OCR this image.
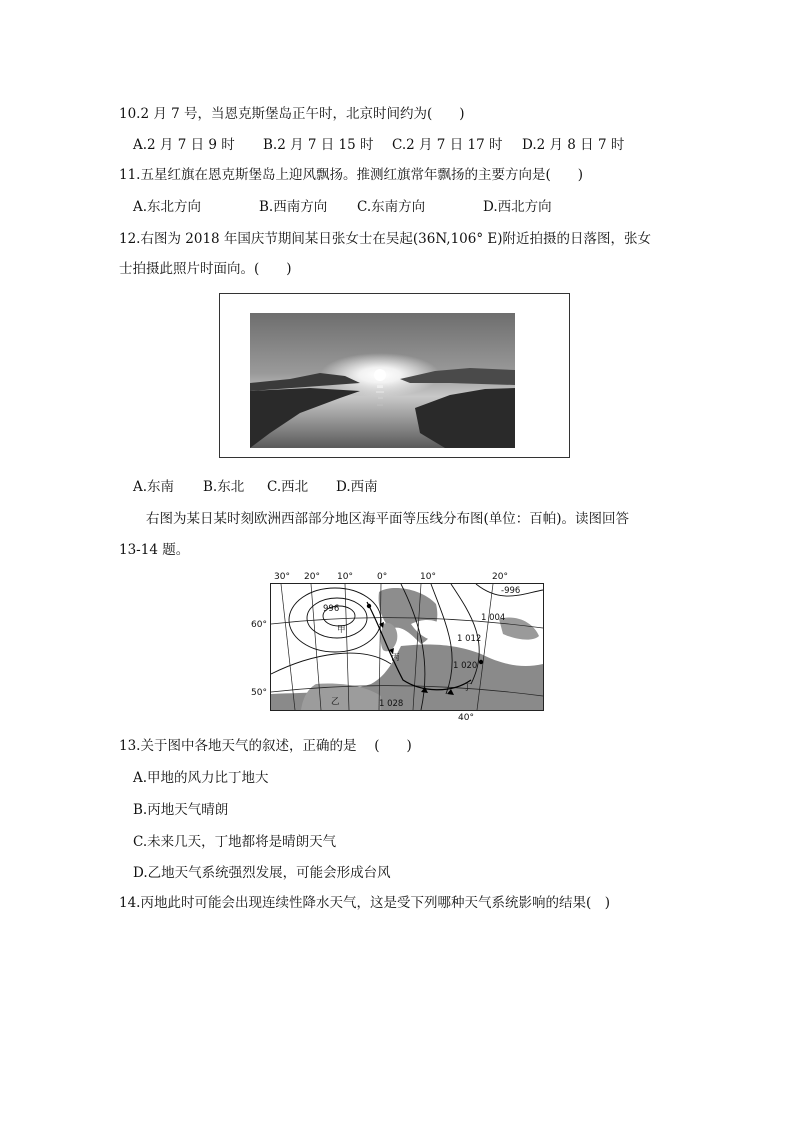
10.2 月 7 号，当恩克斯堡岛正午时，北京时间约为(　　)
A.2 月 7 日 9 时 B.2 月 7 日 15 时 C.2 月 7 日 17 时 D.2 月 8 日 7 时
11.五星红旗在恩克斯堡岛上迎风飘扬。推测红旗常年飘扬的主要方向是(　　)
A.东北方向	B.西南方向 C.东南方向	D.西北方向
12.右图为 2018 年国庆节期间某日张女士在吴起(36N,106° E)附近拍摄的日落图，张女
士拍摄此照片时面向。(　　)
A.东南 B.东北 C.西北 D.西南
右图为某日某时刻欧洲西部部分地区海平面等压线分布图(单位：百帕)。读图回答
13-14 题。
30° 20° 10°	0°	10°	20°
60°
50°
40°
996
-996
1 004
1 012
1 020
1 028
甲
乙
丙
丁
13.关于图中各地天气的叙述，正确的是　 (　　)
A.甲地的风力比丁地大
B.丙地天气晴朗
C.未来几天，丁地都将是晴朗天气
D.乙地天气系统强烈发展，可能会形成台风
14.丙地此时可能会出现连续性降水天气，这是受下列哪种天气系统影响的结果(　)
